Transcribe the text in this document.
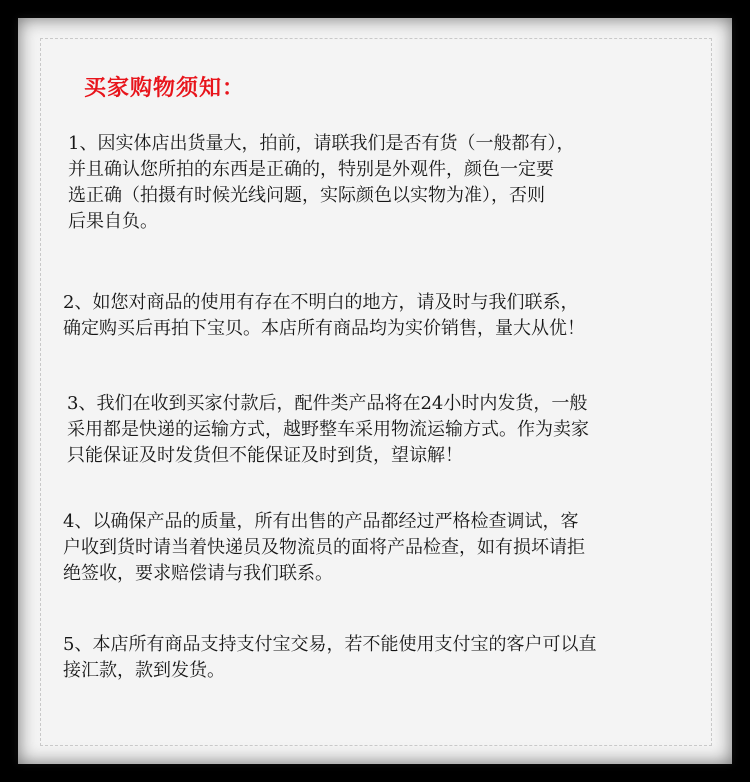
买家购物须知：
1、因实体店出货量大，拍前，请联我们是否有货（一般都有），
并且确认您所拍的东西是正确的，特别是外观件，颜色一定要
选正确（拍摄有时候光线问题，实际颜色以实物为准），否则
后果自负。
2、如您对商品的使用有存在不明白的地方，请及时与我们联系，
确定购买后再拍下宝贝。本店所有商品均为实价销售，量大从优！
3、我们在收到买家付款后，配件类产品将在24小时内发货，一般
采用都是快递的运输方式，越野整车采用物流运输方式。作为卖家
只能保证及时发货但不能保证及时到货，望谅解！
4、以确保产品的质量，所有出售的产品都经过严格检查调试，客
户收到货时请当着快递员及物流员的面将产品检查，如有损坏请拒
绝签收，要求赔偿请与我们联系。
5、本店所有商品支持支付宝交易，若不能使用支付宝的客户可以直
接汇款，款到发货。
